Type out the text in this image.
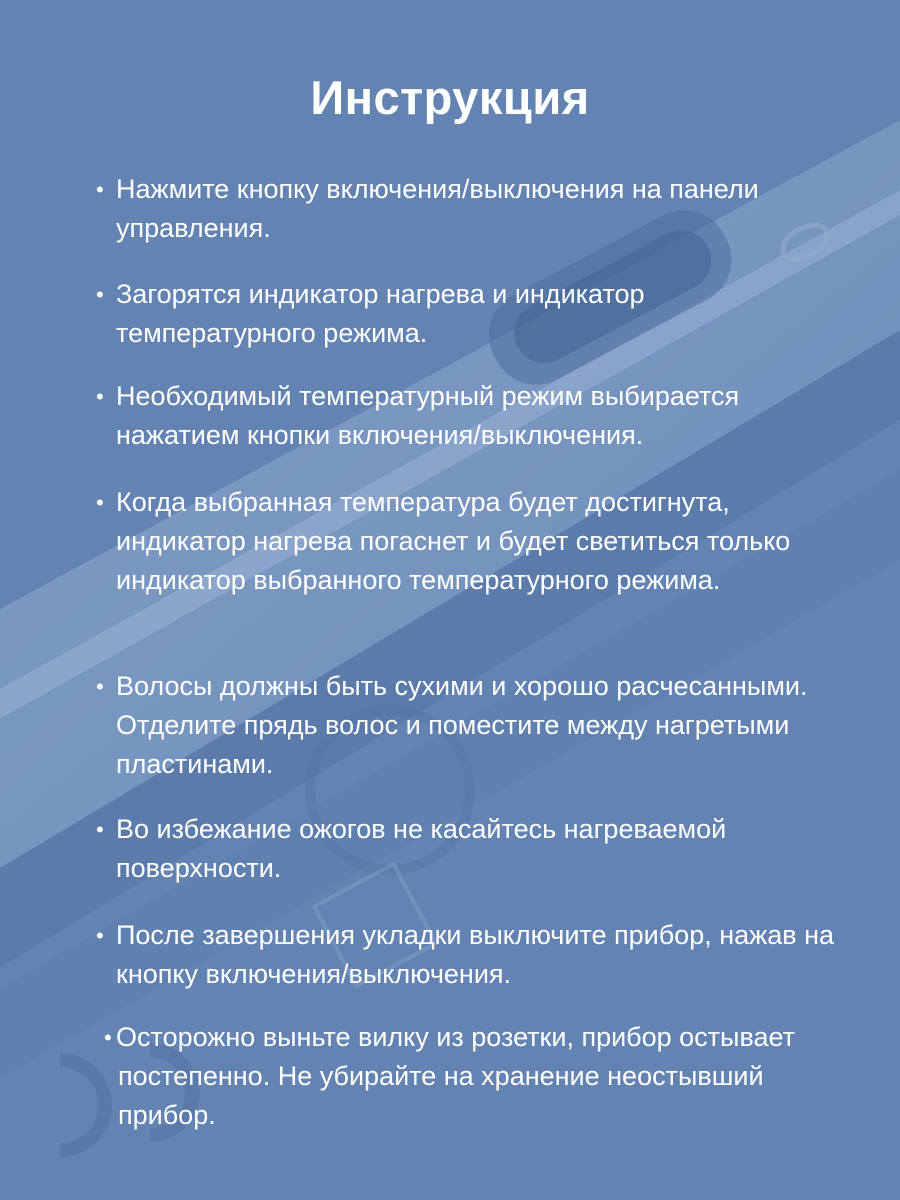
Инструкция
• Нажмите кнопку включения/выключения на панели управления.
• Загорятся индикатор нагрева и индикатор температурного режима.
• Необходимый температурный режим выбирается нажатием кнопки включения/выключения.
• Когда выбранная температура будет достигнута, индикатор нагрева погаснет и будет светиться только индикатор выбранного температурного режима.
• Волосы должны быть сухими и хорошо расчесанными. Отделите прядь волос и поместите между нагретыми пластинами.
• Во избежание ожогов не касайтесь нагреваемой поверхности.
• После завершения укладки выключите прибор, нажав на кнопку включения/выключения.
• Осторожно выньте вилку из розетки, прибор остывает постепенно. Не убирайте на хранение неостывший прибор.
